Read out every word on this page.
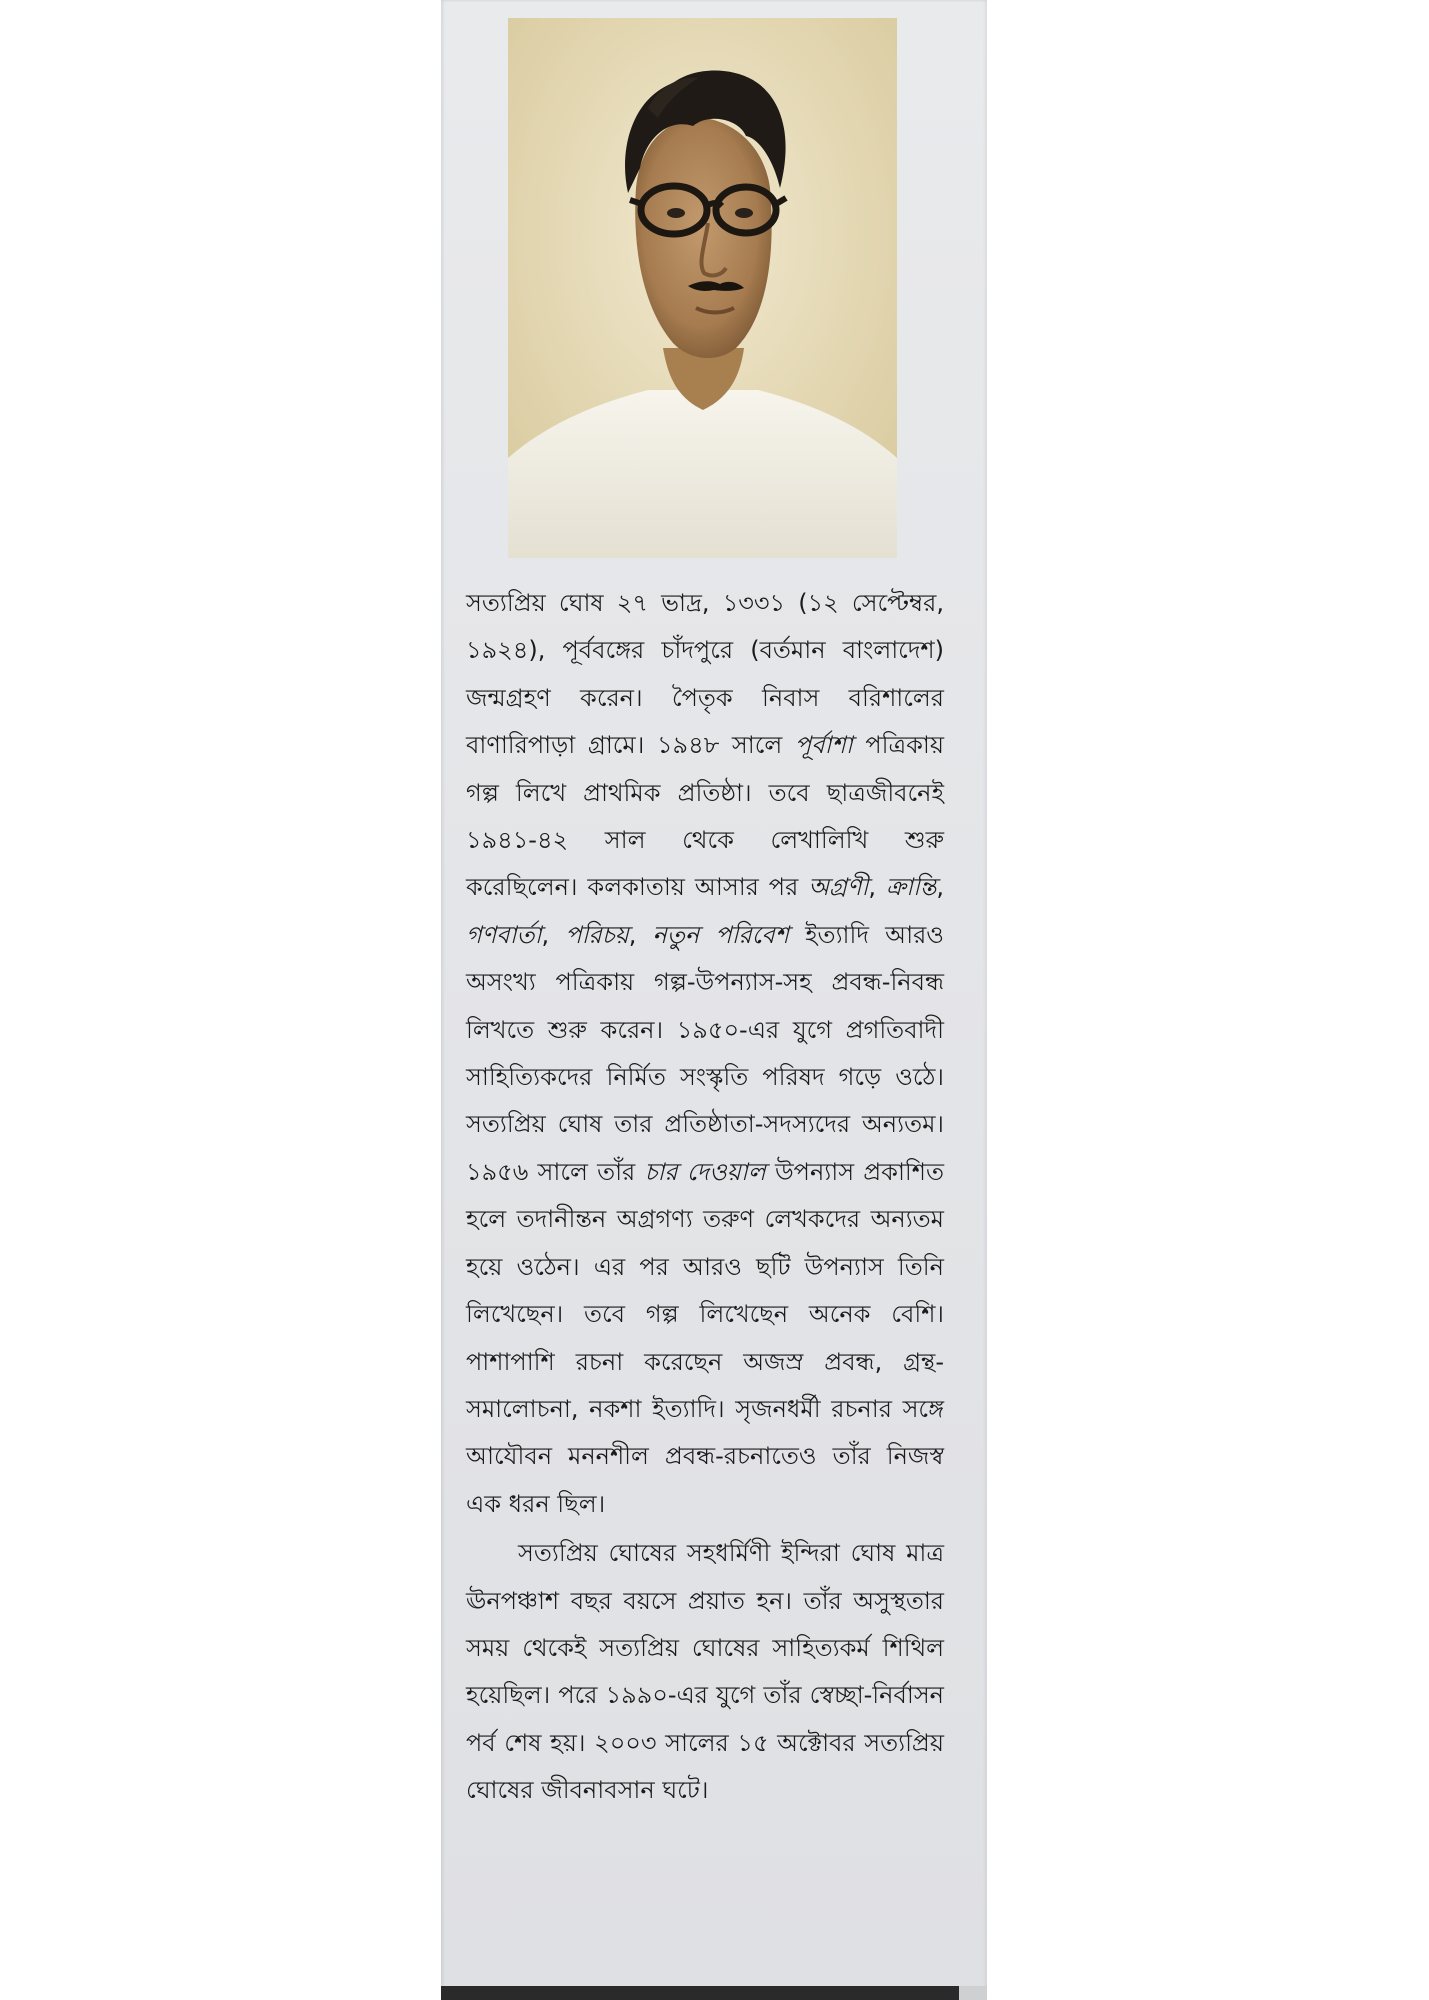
সত্যপ্রিয় ঘোষ ২৭ ভাদ্র, ১৩৩১ (১২ সেপ্টেম্বর, ১৯২৪), পূর্ববঙ্গের চাঁদপুরে (বর্তমান বাংলাদেশ) জন্মগ্রহণ করেন। পৈতৃক নিবাস বরিশালের বাণারিপাড়া গ্রামে। ১৯৪৮ সালে পূর্বাশা পত্রিকায় গল্প লিখে প্রাথমিক প্রতিষ্ঠা। তবে ছাত্রজীবনেই ১৯৪১-৪২ সাল থেকে লেখালিখি শুরু করেছিলেন। কলকাতায় আসার পর অগ্রণী, ক্রান্তি, গণবার্তা, পরিচয়, নতুন পরিবেশ ইত্যাদি আরও অসংখ্য পত্রিকায় গল্প-উপন্যাস-সহ প্রবন্ধ-নিবন্ধ লিখতে শুরু করেন। ১৯৫০-এর যুগে প্রগতিবাদী সাহিত্যিকদের নির্মিত সংস্কৃতি পরিষদ গড়ে ওঠে। সত্যপ্রিয় ঘোষ তার প্রতিষ্ঠাতা-সদস্যদের অন্যতম। ১৯৫৬ সালে তাঁর চার দেওয়াল উপন্যাস প্রকাশিত হলে তদানীন্তন অগ্রগণ্য তরুণ লেখকদের অন্যতম হয়ে ওঠেন। এর পর আরও ছটি উপন্যাস তিনি লিখেছেন। তবে গল্প লিখেছেন অনেক বেশি। পাশাপাশি রচনা করেছেন অজস্র প্রবন্ধ, গ্রন্থ-সমালোচনা, নকশা ইত্যাদি। সৃজনধর্মী রচনার সঙ্গে আযৌবন মননশীল প্রবন্ধ-রচনাতেও তাঁর নিজস্ব এক ধরন ছিল।

সত্যপ্রিয় ঘোষের সহধর্মিণী ইন্দিরা ঘোষ মাত্র ঊনপঞ্চাশ বছর বয়সে প্রয়াত হন। তাঁর অসুস্থতার সময় থেকেই সত্যপ্রিয় ঘোষের সাহিত্যকর্ম শিথিল হয়েছিল। পরে ১৯৯০-এর যুগে তাঁর স্বেচ্ছা-নির্বাসন পর্ব শেষ হয়। ২০০৩ সালের ১৫ অক্টোবর সত্যপ্রিয় ঘোষের জীবনাবসান ঘটে।
